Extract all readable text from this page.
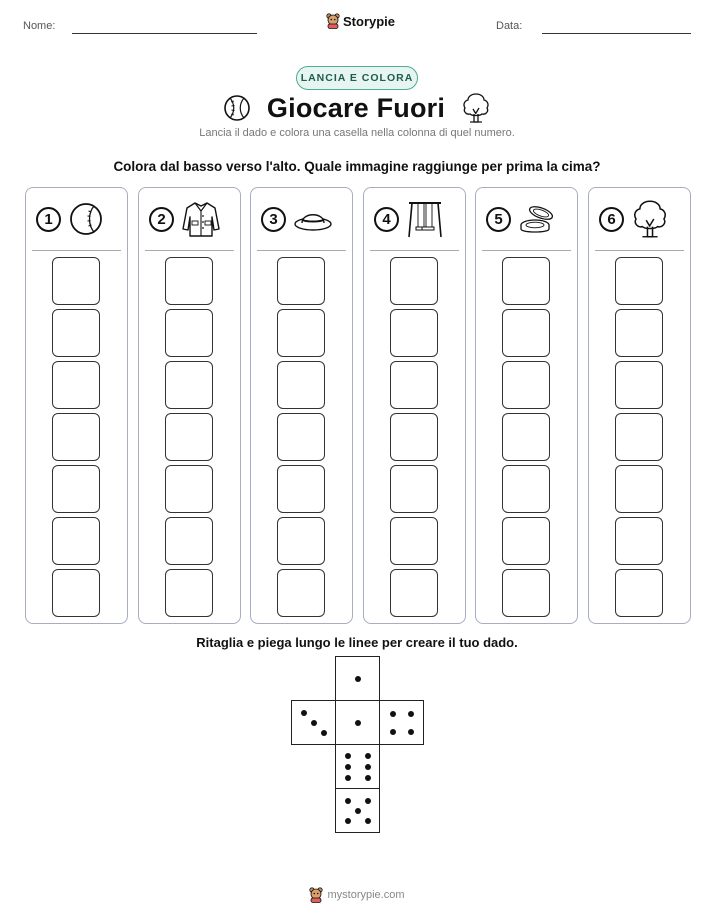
Nome:	Storypie	Data:
LANCIA E COLORA
Giocare Fuori
Lancia il dado e colora una casella nella colonna di quel numero.
Colora dal basso verso l'alto. Quale immagine raggiunge per prima la cima?
1	2	3	4	5	6
Ritaglia e piega lungo le linee per creare il tuo dado.
mystorypie.com
